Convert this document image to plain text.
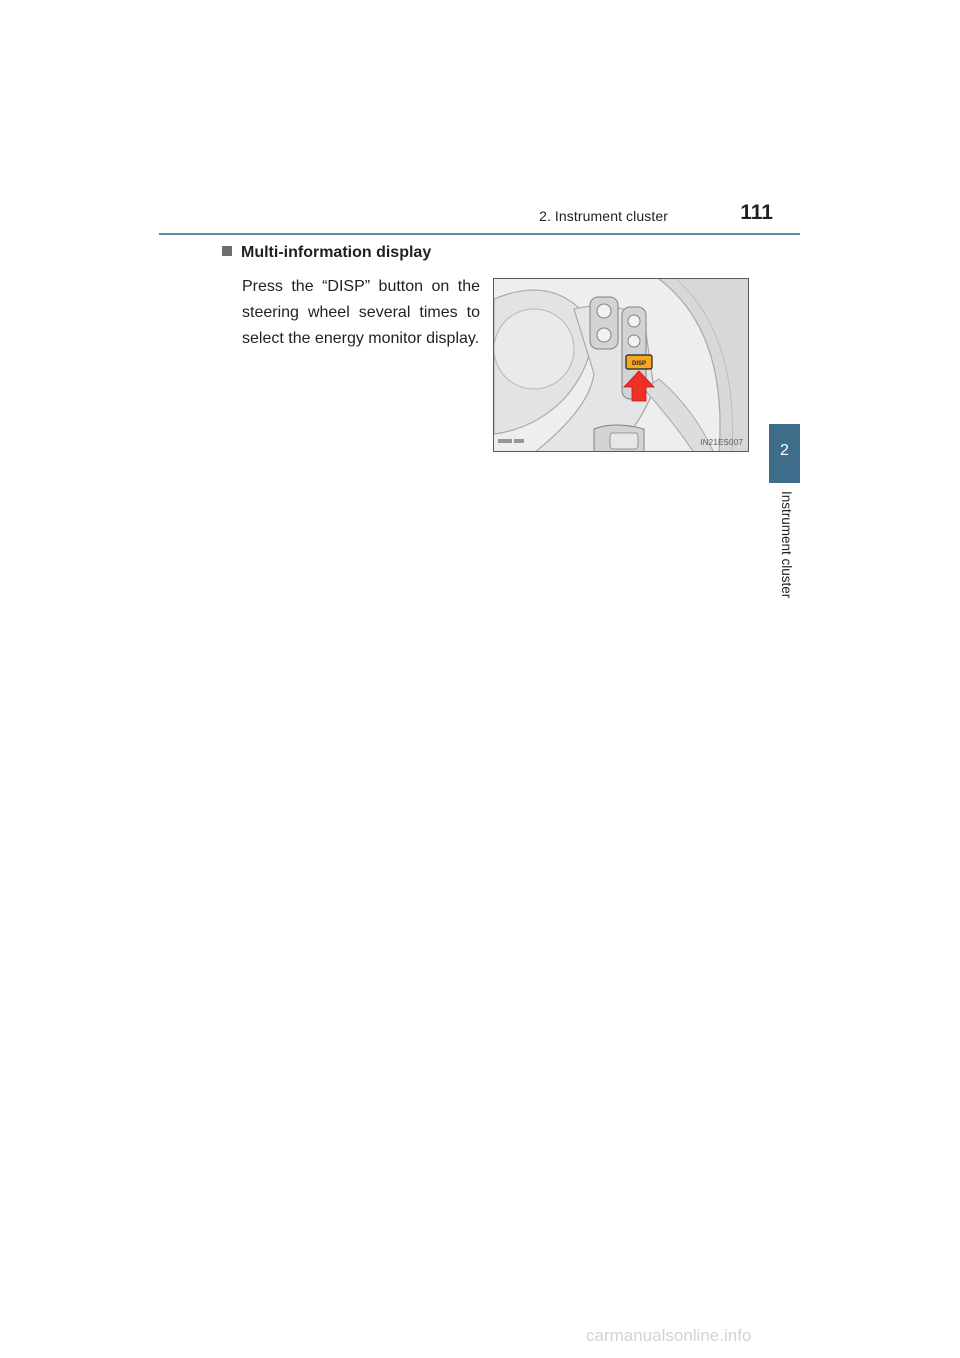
2. Instrument cluster	111
2
Instrument cluster
Multi-information display
Press the “DISP” button on the steering wheel several times to select the energy monitor display.
DISP
IN21ES007
carmanualsonline.info
